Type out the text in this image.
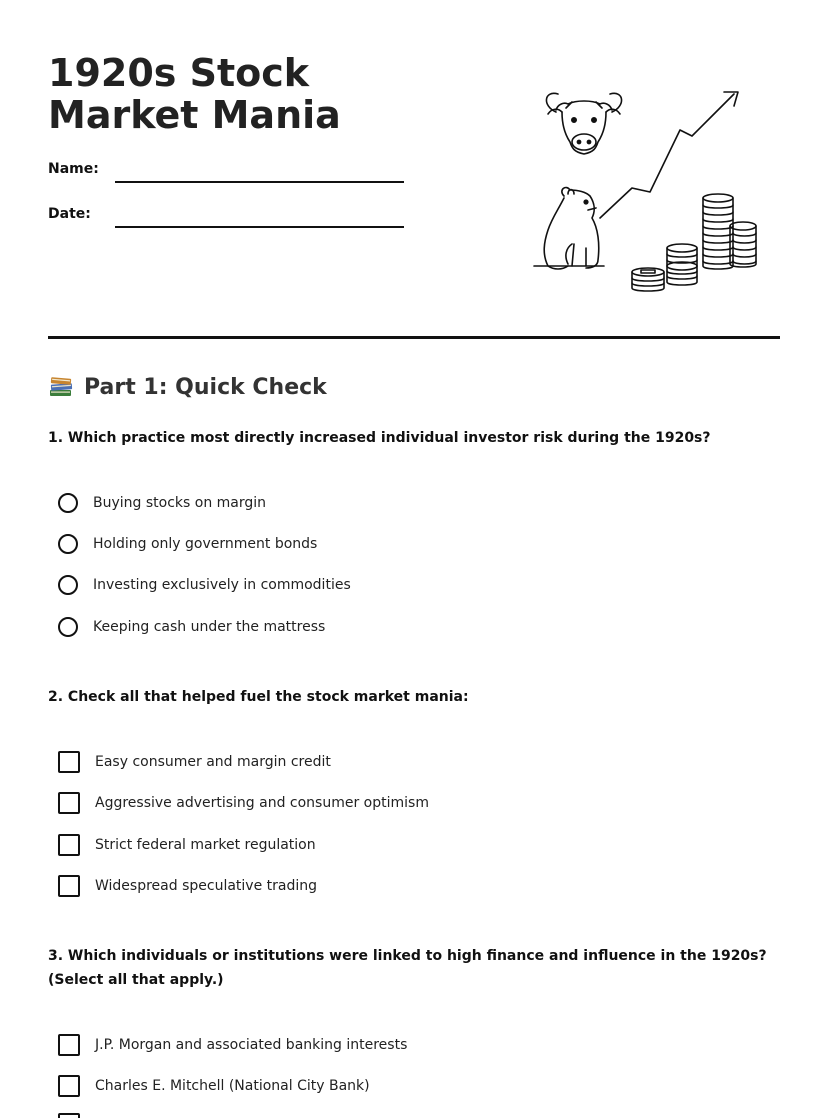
1920s Stock Market Mania
Name:
Date:
Part 1: Quick Check
1. Which practice most directly increased individual investor risk during the 1920s?
Buying stocks on margin
Holding only government bonds
Investing exclusively in commodities
Keeping cash under the mattress
2. Check all that helped fuel the stock market mania:
Easy consumer and margin credit
Aggressive advertising and consumer optimism
Strict federal market regulation
Widespread speculative trading
3. Which individuals or institutions were linked to high finance and influence in the 1920s? (Select all that apply.)
J.P. Morgan and associated banking interests
Charles E. Mitchell (National City Bank)
